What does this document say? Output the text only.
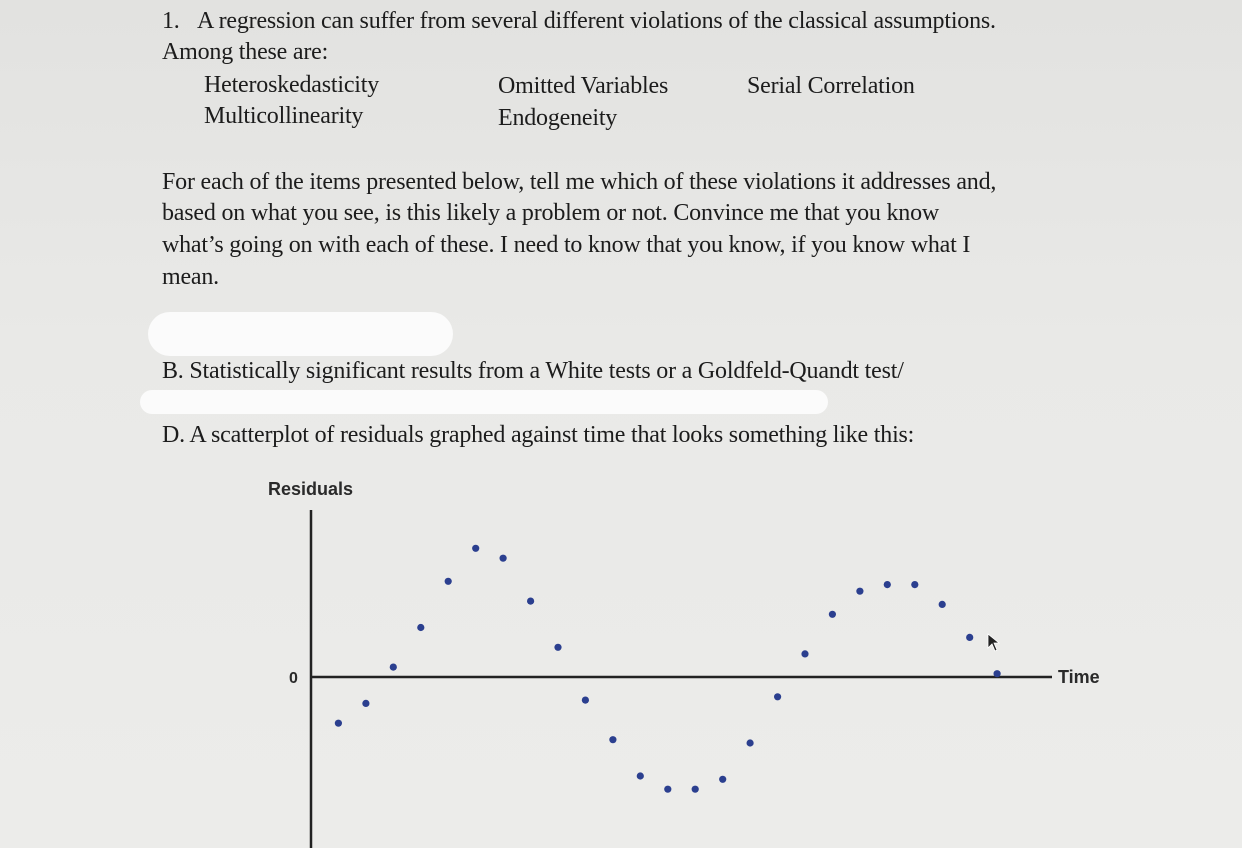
1. A regression can suffer from several different violations of the classical assumptions.
Among these are:
Heteroskedasticity	Omitted Variables	Serial Correlation
Multicollinearity	Endogeneity
For each of the items presented below, tell me which of these violations it addresses and,
based on what you see, is this likely a problem or not. Convince me that you know
what’s going on with each of these. I need to know that you know, if you know what I
mean.
B. Statistically significant results from a White tests or a Goldfeld-Quandt test/
D. A scatterplot of residuals graphed against time that looks something like this:
Residuals
0	Time
